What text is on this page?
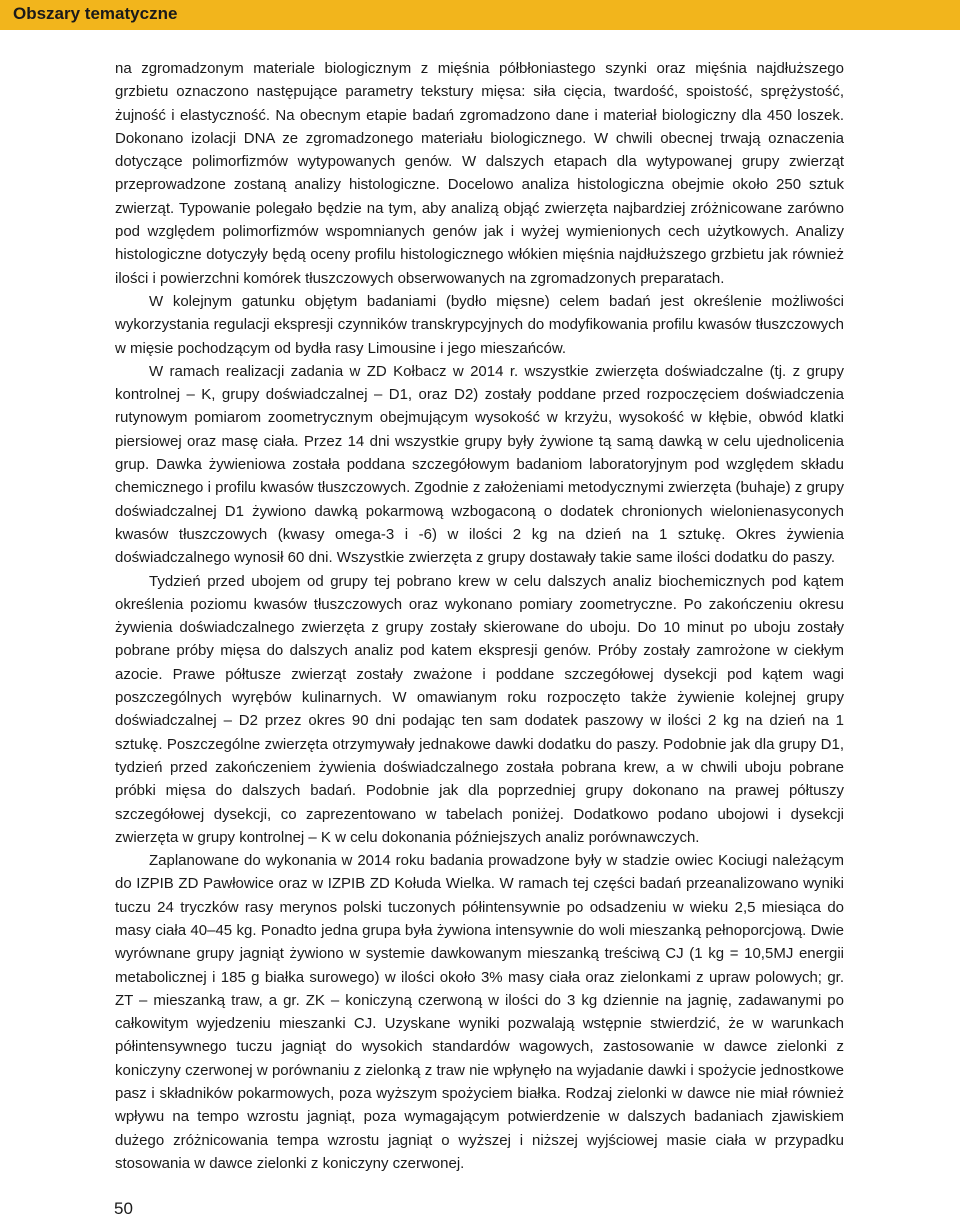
Obszary tematyczne

na zgromadzonym materiale biologicznym z mięśnia półbłoniastego szynki oraz mięśnia najdłuższego grzbietu oznaczono następujące parametry tekstury mięsa: siła cięcia, twardość, spoistość, sprężystość, żujność i elastyczność. Na obecnym etapie badań zgromadzono dane i materiał biologiczny dla 450 loszek. Dokonano izolacji DNA ze zgromadzonego materiału biologicznego. W chwili obecnej trwają oznaczenia dotyczące polimorfizmów wytypowanych genów. W dalszych etapach dla wytypowanej grupy zwierząt przeprowadzone zostaną analizy histologiczne. Docelowo analiza histologiczna obejmie około 250 sztuk zwierząt. Typowanie polegało będzie na tym, aby analizą objąć zwierzęta najbardziej zróżnicowane zarówno pod względem polimorfizmów wspomnianych genów jak i wyżej wymienionych cech użytkowych. Analizy histologiczne dotyczyły będą oceny profilu histologicznego włókien mięśnia najdłuższego grzbietu jak również ilości i powierzchni komórek tłuszczowych obserwowanych na zgromadzonych preparatach.

W kolejnym gatunku objętym badaniami (bydło mięsne) celem badań jest określenie możliwości wykorzystania regulacji ekspresji czynników transkrypcyjnych do modyfikowania profilu kwasów tłuszczowych w mięsie pochodzącym od bydła rasy Limousine i jego mieszańców.

W ramach realizacji zadania w ZD Kołbacz w 2014 r. wszystkie zwierzęta doświadczalne (tj. z grupy kontrolnej – K, grupy doświadczalnej – D1, oraz D2) zostały poddane przed rozpoczęciem doświadczenia rutynowym pomiarom zoometrycznym obejmującym wysokość w krzyżu, wysokość w kłębie, obwód klatki piersiowej oraz masę ciała. Przez 14 dni wszystkie grupy były żywione tą samą dawką w celu ujednolicenia grup. Dawka żywieniowa została poddana szczegółowym badaniom laboratoryjnym pod względem składu chemicznego i profilu kwasów tłuszczowych. Zgodnie z założeniami metodycznymi zwierzęta (buhaje) z grupy doświadczalnej D1 żywiono dawką pokarmową wzbogaconą o dodatek chronionych wielonienasyconych kwasów tłuszczowych (kwasy omega-3 i -6) w ilości 2 kg na dzień na 1 sztukę. Okres żywienia doświadczalnego wynosił 60 dni. Wszystkie zwierzęta z grupy dostawały takie same ilości dodatku do paszy.

Tydzień przed ubojem od grupy tej pobrano krew w celu dalszych analiz biochemicznych pod kątem określenia poziomu kwasów tłuszczowych oraz wykonano pomiary zoometryczne. Po zakończeniu okresu żywienia doświadczalnego zwierzęta z grupy zostały skierowane do uboju. Do 10 minut po uboju zostały pobrane próby mięsa do dalszych analiz pod katem ekspresji genów. Próby zostały zamrożone w ciekłym azocie. Prawe półtusze zwierząt zostały zważone i poddane szczegółowej dysekcji pod kątem wagi poszczególnych wyrębów kulinarnych. W omawianym roku rozpoczęto także żywienie kolejnej grupy doświadczalnej – D2 przez okres 90 dni podając ten sam dodatek paszowy w ilości 2 kg na dzień na 1 sztukę. Poszczególne zwierzęta otrzymywały jednakowe dawki dodatku do paszy. Podobnie jak dla grupy D1, tydzień przed zakończeniem żywienia doświadczalnego została pobrana krew, a w chwili uboju pobrane próbki mięsa do dalszych badań. Podobnie jak dla poprzedniej grupy dokonano na prawej półtuszy szczegółowej dysekcji, co zaprezentowano w tabelach poniżej. Dodatkowo podano ubojowi i dysekcji zwierzęta w grupy kontrolnej – K w celu dokonania późniejszych analiz porównawczych.

Zaplanowane do wykonania w 2014 roku badania prowadzone były w stadzie owiec Kociugi należącym do IZPIB ZD Pawłowice oraz w IZPIB ZD Kołuda Wielka. W ramach tej części badań przeanalizowano wyniki tuczu 24 tryczków rasy merynos polski tuczonych półintensywnie po odsadzeniu w wieku 2,5 miesiąca do masy ciała 40–45 kg. Ponadto jedna grupa była żywiona intensywnie do woli mieszanką pełnoporcjową. Dwie wyrównane grupy jagniąt żywiono w systemie dawkowanym mieszanką treściwą CJ (1 kg = 10,5MJ energii metabolicznej i 185 g białka surowego) w ilości około 3% masy ciała oraz zielonkami z upraw polowych; gr. ZT – mieszanką traw, a gr. ZK – koniczyną czerwoną w ilości do 3 kg dziennie na jagnię, zadawanymi po całkowitym wyjedzeniu mieszanki CJ. Uzyskane wyniki pozwalają wstępnie stwierdzić, że w warunkach półintensywnego tuczu jagniąt do wysokich standardów wagowych, zastosowanie w dawce zielonki z koniczyny czerwonej w porównaniu z zielonką z traw nie wpłynęło na wyjadanie dawki i spożycie jednostkowe pasz i składników pokarmowych, poza wyższym spożyciem białka. Rodzaj zielonki w dawce nie miał również wpływu na tempo wzrostu jagniąt, poza wymagającym potwierdzenie w dalszych badaniach zjawiskiem dużego zróżnicowania tempa wzrostu jagniąt o wyższej i niższej wyjściowej masie ciała w przypadku stosowania w dawce zielonki z koniczyny czerwonej.

50
